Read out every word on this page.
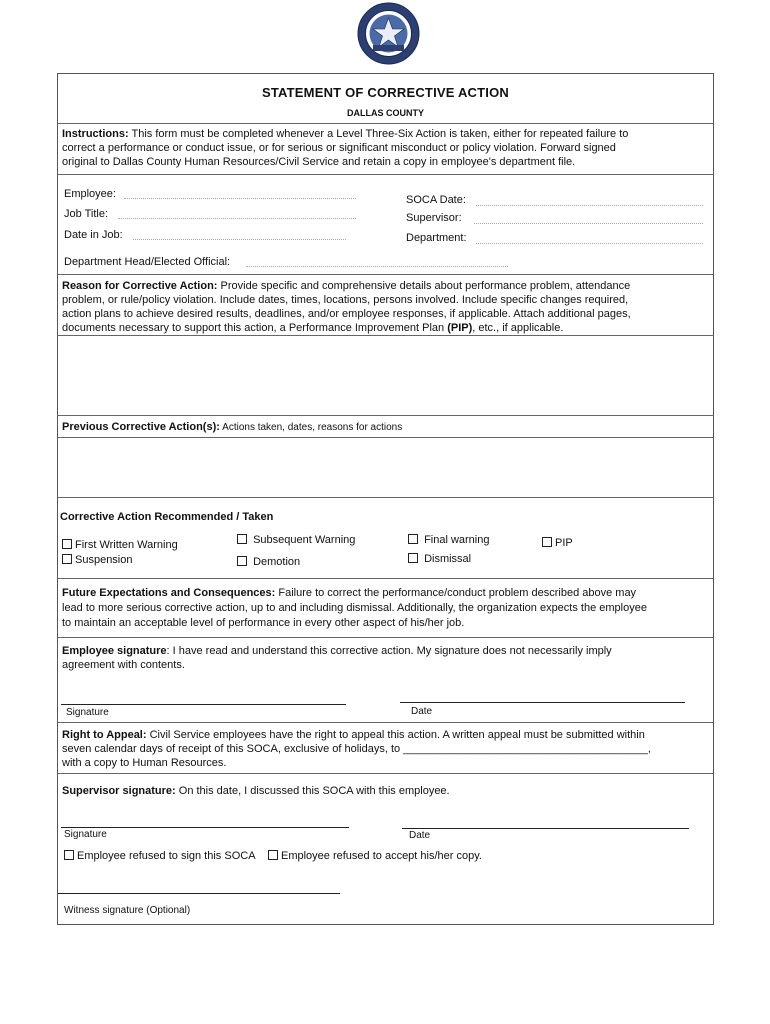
STATEMENT OF CORRECTIVE ACTION
DALLAS COUNTY
Instructions: This form must be completed whenever a Level Three-Six Action is taken, either for repeated failure to
correct a performance or conduct issue, or for serious or significant misconduct or policy violation. Forward signed
original to Dallas County Human Resources/Civil Service and retain a copy in employee's department file.
Employee:
Job Title:
Date in Job:
SOCA Date:
Supervisor:
Department:
Department Head/Elected Official:
Reason for Corrective Action: Provide specific and comprehensive details about performance problem, attendance
problem, or rule/policy violation. Include dates, times, locations, persons involved. Include specific changes required,
action plans to achieve desired results, deadlines, and/or employee responses, if applicable. Attach additional pages,
documents necessary to support this action, a Performance Improvement Plan (PIP), etc., if applicable.
Previous Corrective Action(s): Actions taken, dates, reasons for actions
Corrective Action Recommended / Taken
First Written Warning
Suspension
Subsequent Warning
Demotion
Final warning
Dismissal
PIP
Future Expectations and Consequences: Failure to correct the performance/conduct problem described above may
lead to more serious corrective action, up to and including dismissal. Additionally, the organization expects the employee
to maintain an acceptable level of performance in every other aspect of his/her job.
Employee signature: I have read and understand this corrective action. My signature does not necessarily imply
agreement with contents.
Signature	Date
Right to Appeal: Civil Service employees have the right to appeal this action. A written appeal must be submitted within
seven calendar days of receipt of this SOCA, exclusive of holidays, to ________________________________________,
with a copy to Human Resources.
Supervisor signature: On this date, I discussed this SOCA with this employee.
Signature	Date
Employee refused to sign this SOCA	Employee refused to accept his/her copy.
Witness signature (Optional)
